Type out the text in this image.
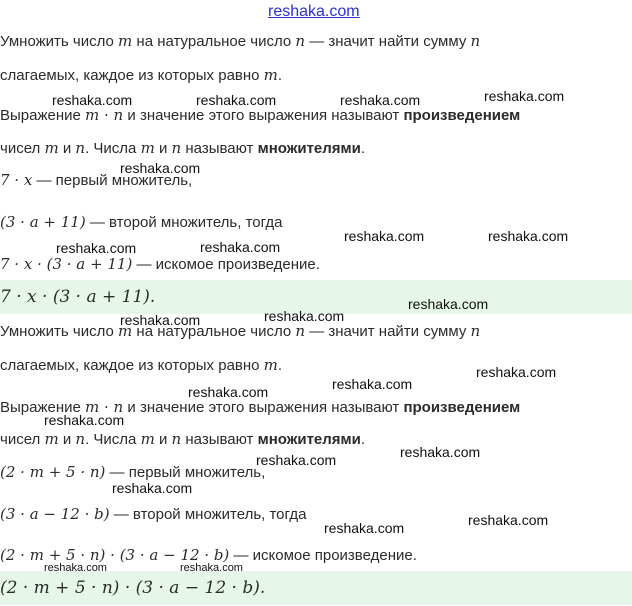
reshaka.com
Умножить число m на натуральное число n — значит найти сумму n
слагаемых, каждое из которых равно m.
Выражение m · n и значение этого выражения называют произведением
чисел m и n. Числа m и n называют множителями.
7 · x — первый множитель,
(3 · a + 11) — второй множитель, тогда
7 · x · (3 · a + 11) — искомое произведение.
7 · x · (3 · a + 11).
Умножить число m на натуральное число n — значит найти сумму n
слагаемых, каждое из которых равно m.
Выражение m · n и значение этого выражения называют произведением
чисел m и n. Числа m и n называют множителями.
(2 · m + 5 · n) — первый множитель,
(3 · a − 12 · b) — второй множитель, тогда
(2 · m + 5 · n) · (3 · a − 12 · b) — искомое произведение.
(2 · m + 5 · n) · (3 · a − 12 · b).
reshaka.com	reshaka.com	reshaka.com	reshaka.com
reshaka.com
reshaka.com	reshaka.com
reshaka.com	reshaka.com
reshaka.com
reshaka.com	reshaka.com
reshaka.com
reshaka.com
reshaka.com
reshaka.com
reshaka.com
reshaka.com
reshaka.com
reshaka.com	reshaka.com
reshaka.com	reshaka.com
